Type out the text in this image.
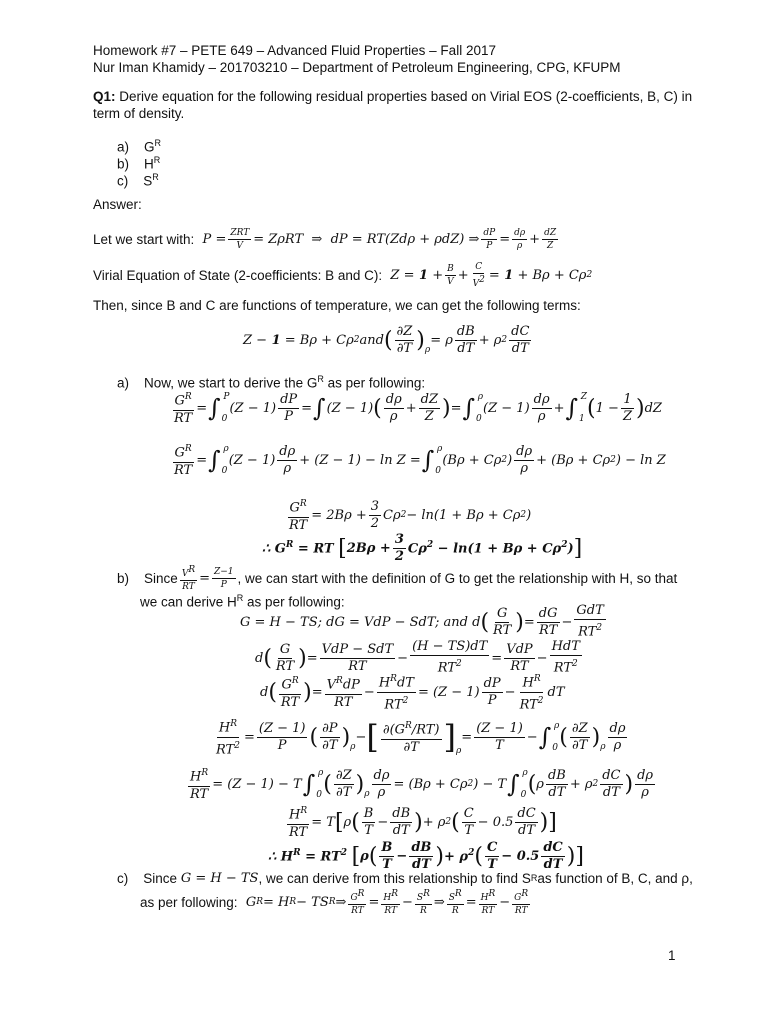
Homework #7 – PETE 649 – Advanced Fluid Properties – Fall 2017
Nur Iman Khamidy – 201703210 – Department of Petroleum Engineering, CPG, KFUPM
Q1: Derive equation for the following residual properties based on Virial EOS (2-coefficients, B, C) in
term of density.
a) $G^R$
b) $H^R$
c) $S^R$
Answer:
Let we start with: $P = \frac{\text{ZRT}}{V} = Z\rho RT$  ⇒  dP = RT(Zdρ + ρdZ) ⇒ $\frac{dP}{P} = \frac{d\rho}{\rho} + \frac{dZ}{Z}$
Virial Equation of State (2-coefficients: B and C): $Z = 1 + \frac{B}{V} + \frac{C}{V^2} = 1 + B\rho + C\rho$ 2
Then, since B and C are functions of temperature, we can get the following terms:
Z − 1 = Bρ + Cρ 2 and ( $\frac{\partial Z}{\partial T} )_\rho$
= ρ $\frac{dB}{dT} + \rho$ $2 \frac{dC}{dT}$
a) Now, we start to derive the $G^R$ as per following:
$\frac{G^R}{RT} = \int_0$
P
$(Z - 1) \frac{dP}{P}$ = ∫ (Z − 1) ( $\frac{d\rho}{\rho} + \frac{dZ}{Z}$ ) = $\int_0$
ρ
$(Z - 1) \frac{d\rho}{\rho} + \int_1$
Z ( $1 - \frac{1}{Z}$ ) dZ
$\frac{G^R}{RT} = \int_0$
ρ
$(Z - 1) \frac{d\rho}{\rho} + (Z - 1) - \ln Z = \int_0$
ρ
(Bρ + Cρ 2 ) $\frac{d\rho}{\rho} + (B\rho + C\rho$ 2 ) − ln Z
$\frac{G^R}{RT} = 2B\rho + \frac{3}{2}$ Cρ 2 − ln(1 + Bρ + Cρ 2 )
∴ $G^R$ = RT [ $2B\rho + \frac{3}{2} C\rho^2 - \ln(1 + B\rho + C\rho^2)$ ]
b)
Since $\frac{V^R}{RT} = \frac{Z-1}{P}$ , we can start with the definition of G to get the relationship with H, so that
we can derive $H^R$ as per following:
G = H − TS; dG = VdP − SdT; and d ( $\frac{G}{RT}$ ) = $\frac{dG}{RT} - \frac{\text{GdT}}{RT^2}$
d ( $\frac{G}{RT}$ ) = $\frac{\text{VdP − SdT}}{RT} - \frac{(H - TS)dT}{RT^2} = \frac{\text{VdP}}{RT} - \frac{\text{HdT}}{RT^2}$
d ( $\frac{G^R}{RT}$ ) = $\frac{V^RdP}{RT} - \frac{H^RdT}{RT^2} = (Z - 1) \frac{dP}{P} - \frac{H^R}{RT^2}$ dT
$\frac{H^R}{RT^2} = \frac{(Z - 1)}{P}$ ( $\frac{\partial P}{\partial T} )_\rho$
− [ $\frac{\partial(G^R/RT)}{\partial T} ]_\rho$
= $\frac{(Z - 1)}{T} - \int_0$
ρ ( $\frac{\partial Z}{\partial T} )_\rho \frac{d\rho}{\rho}$
$\frac{H^R}{RT} = (Z - 1) - T$ $\int_0$
ρ ( $\frac{\partial Z}{\partial T} )_\rho \frac{d\rho}{\rho} = (B\rho + C\rho$ 2 ) − T $\int_0$
ρ ( ρ $\frac{dB}{dT} + \rho$ $2 \frac{dC}{dT}$ ) $\frac{d\rho}{\rho}$
$\frac{H^R}{RT} = T$ [ ρ ( $\frac{B}{T} - \frac{dB}{dT}$ ) + ρ 2 ( $\frac{C}{T} - 0.5 \frac{dC}{dT}$ ) ]
∴ $H^R = RT^2$ [ ρ ( $\frac{B}{T} - \frac{dB}{dT}$ ) + $\rho^2$ ( $\frac{C}{T} - 0.5 \frac{dC}{dT}$ ) ]
c)
Since
G = H − TS , we can derive from this relationship to find S R as function of B, C, and ρ,
as per following: G R = H R − TS R ⇒ $\frac{G^R}{RT} = \frac{H^R}{RT} - \frac{S^R}{R}$ ⇒ $\frac{S^R}{R} = \frac{H^R}{RT} - \frac{G^R}{RT}$
1
